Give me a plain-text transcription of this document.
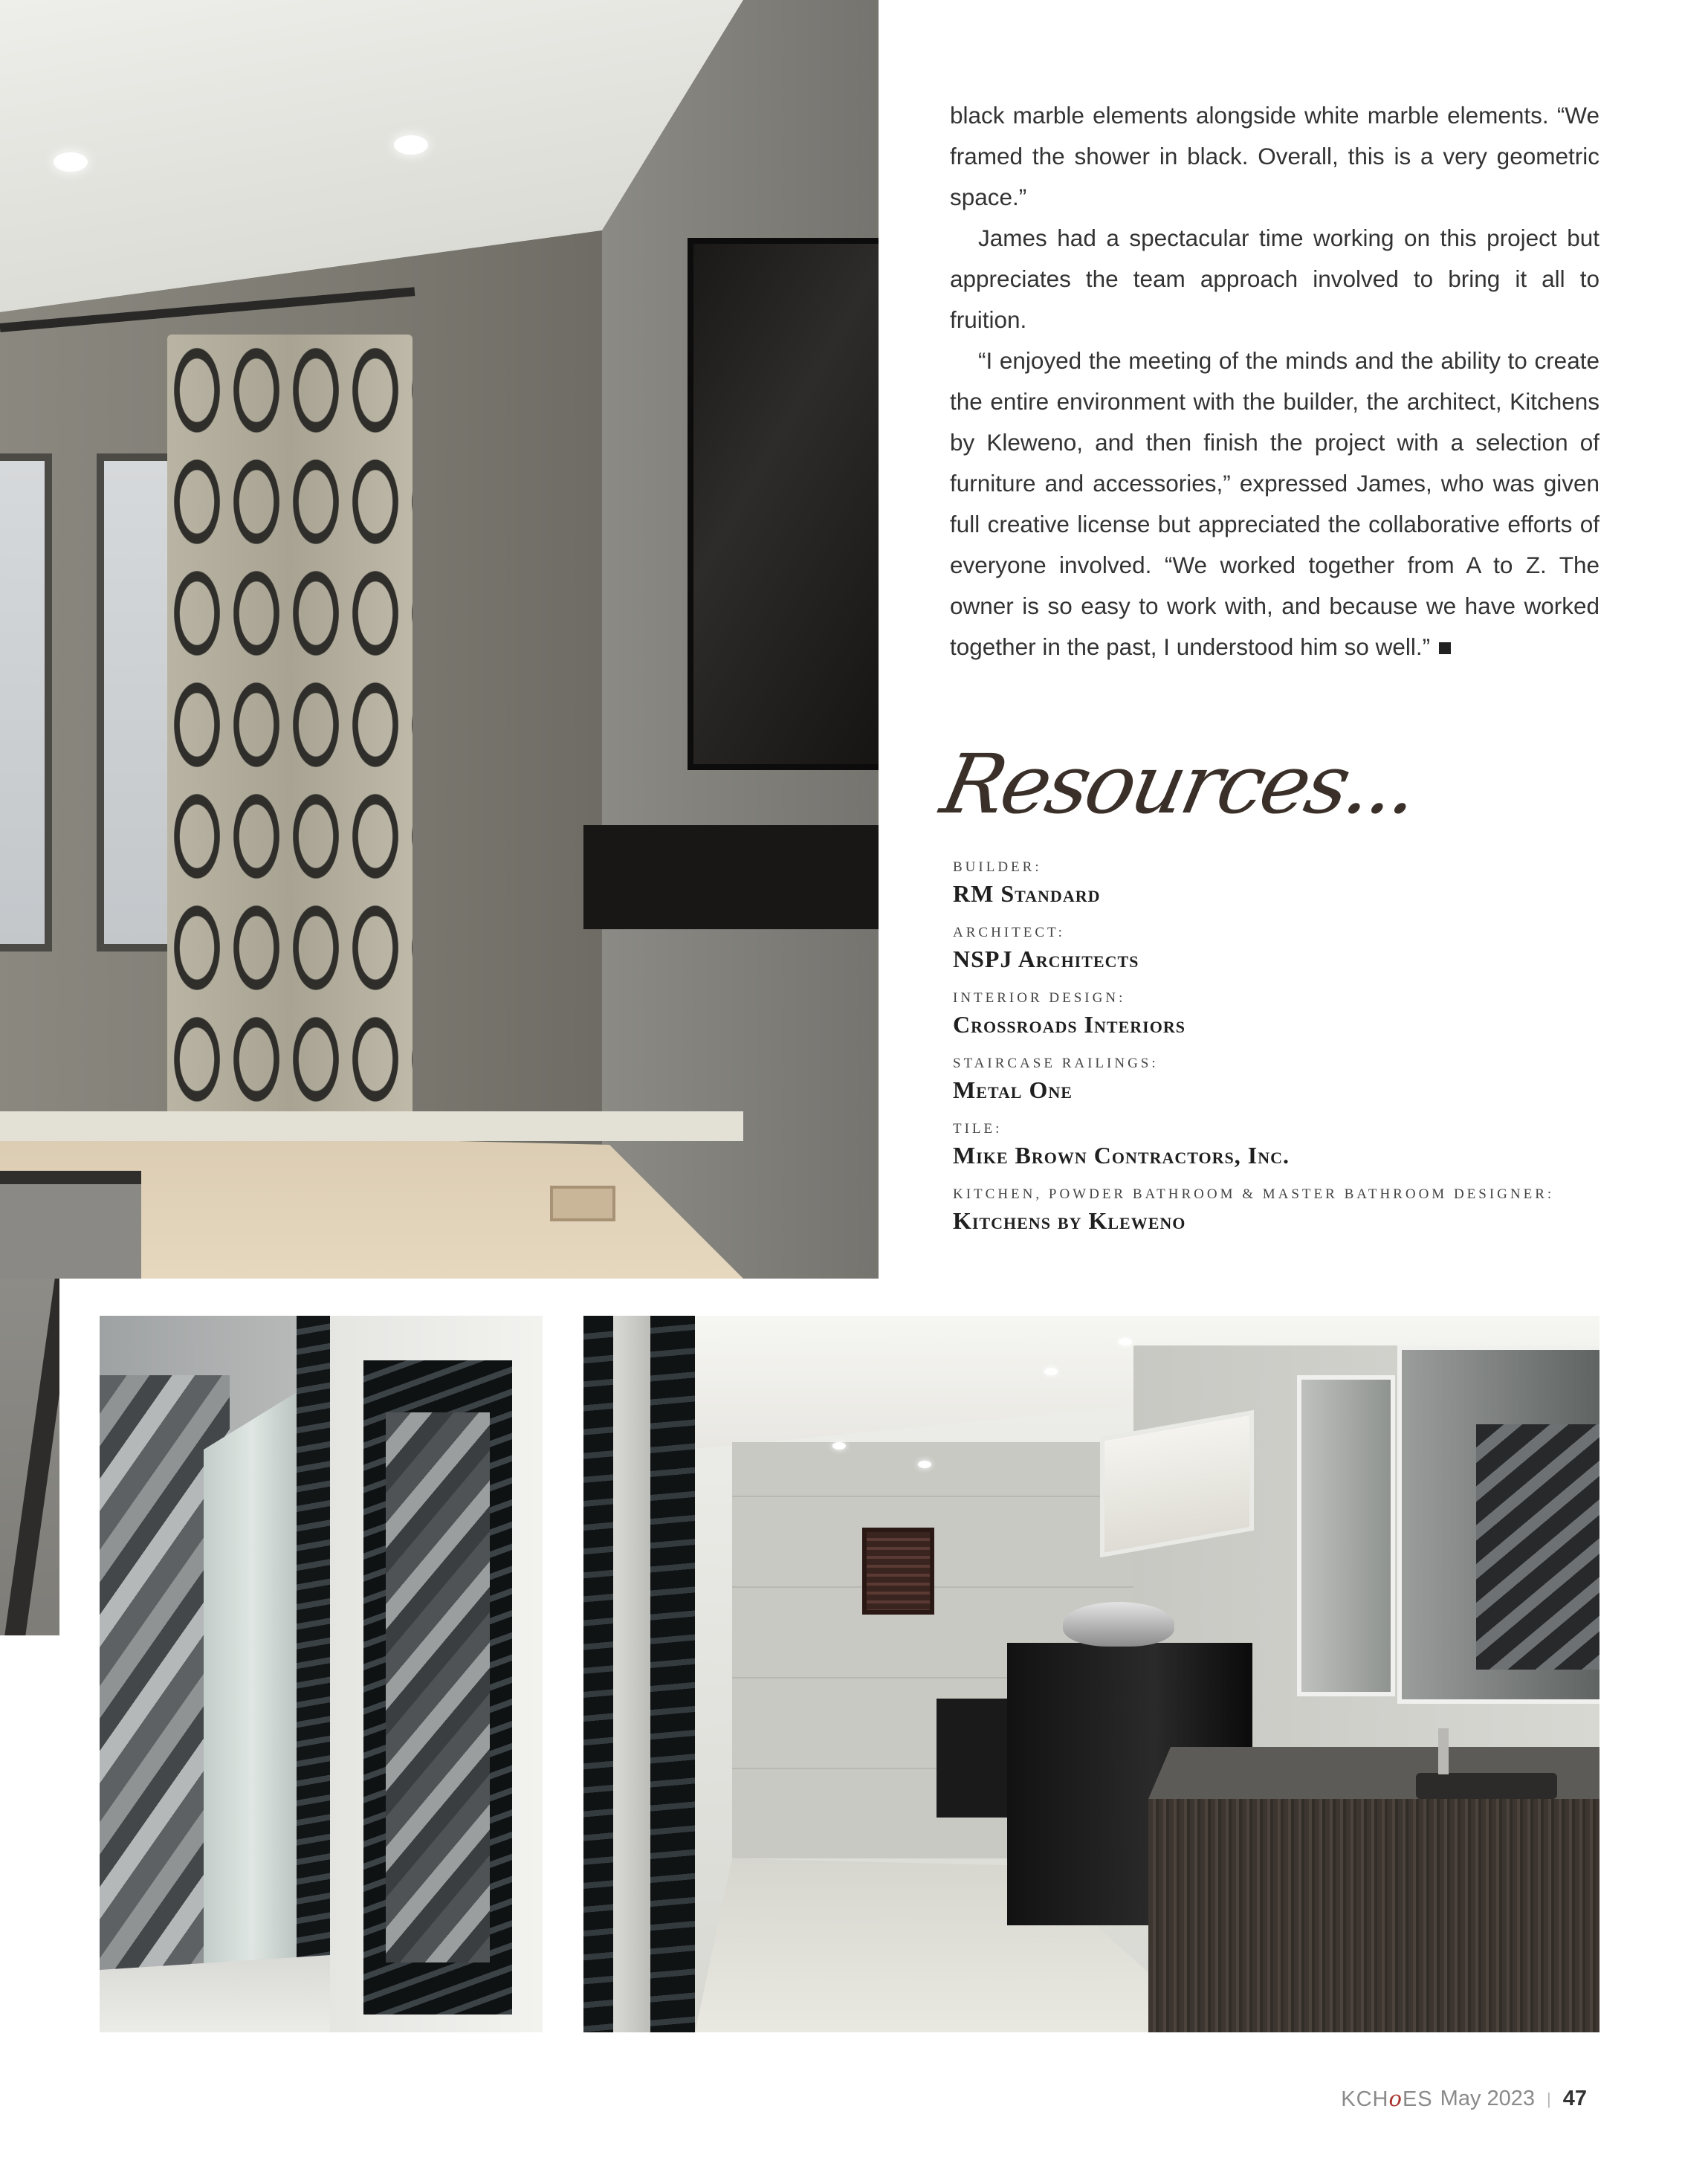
black marble elements alongside white marble elements. “We framed the shower in black. Overall, this is a very geometric space.”

James had a spectacular time working on this project but appreciates the team approach involved to bring it all to fruition.

“I enjoyed the meeting of the minds and the ability to create the entire environment with the builder, the architect, Kitchens by Kleweno, and then finish the project with a selection of furniture and accessories,” expressed James, who was given full creative license but appreciated the collaborative efforts of everyone involved. “We worked together from A to Z. The owner is so easy to work with, and because we have worked together in the past, I understood him so well.”

Resources...
BUILDER:
RM Standard
ARCHITECT:
NSPJ Architects
INTERIOR DESIGN:
Crossroads Interiors
STAIRCASE RAILINGS:
Metal One
TILE:
Mike Brown Contractors, Inc.
KITCHEN, POWDER BATHROOM & MASTER BATHROOM DESIGNER:
Kitchens by Kleweno
KCHoES May 2023 | 47
